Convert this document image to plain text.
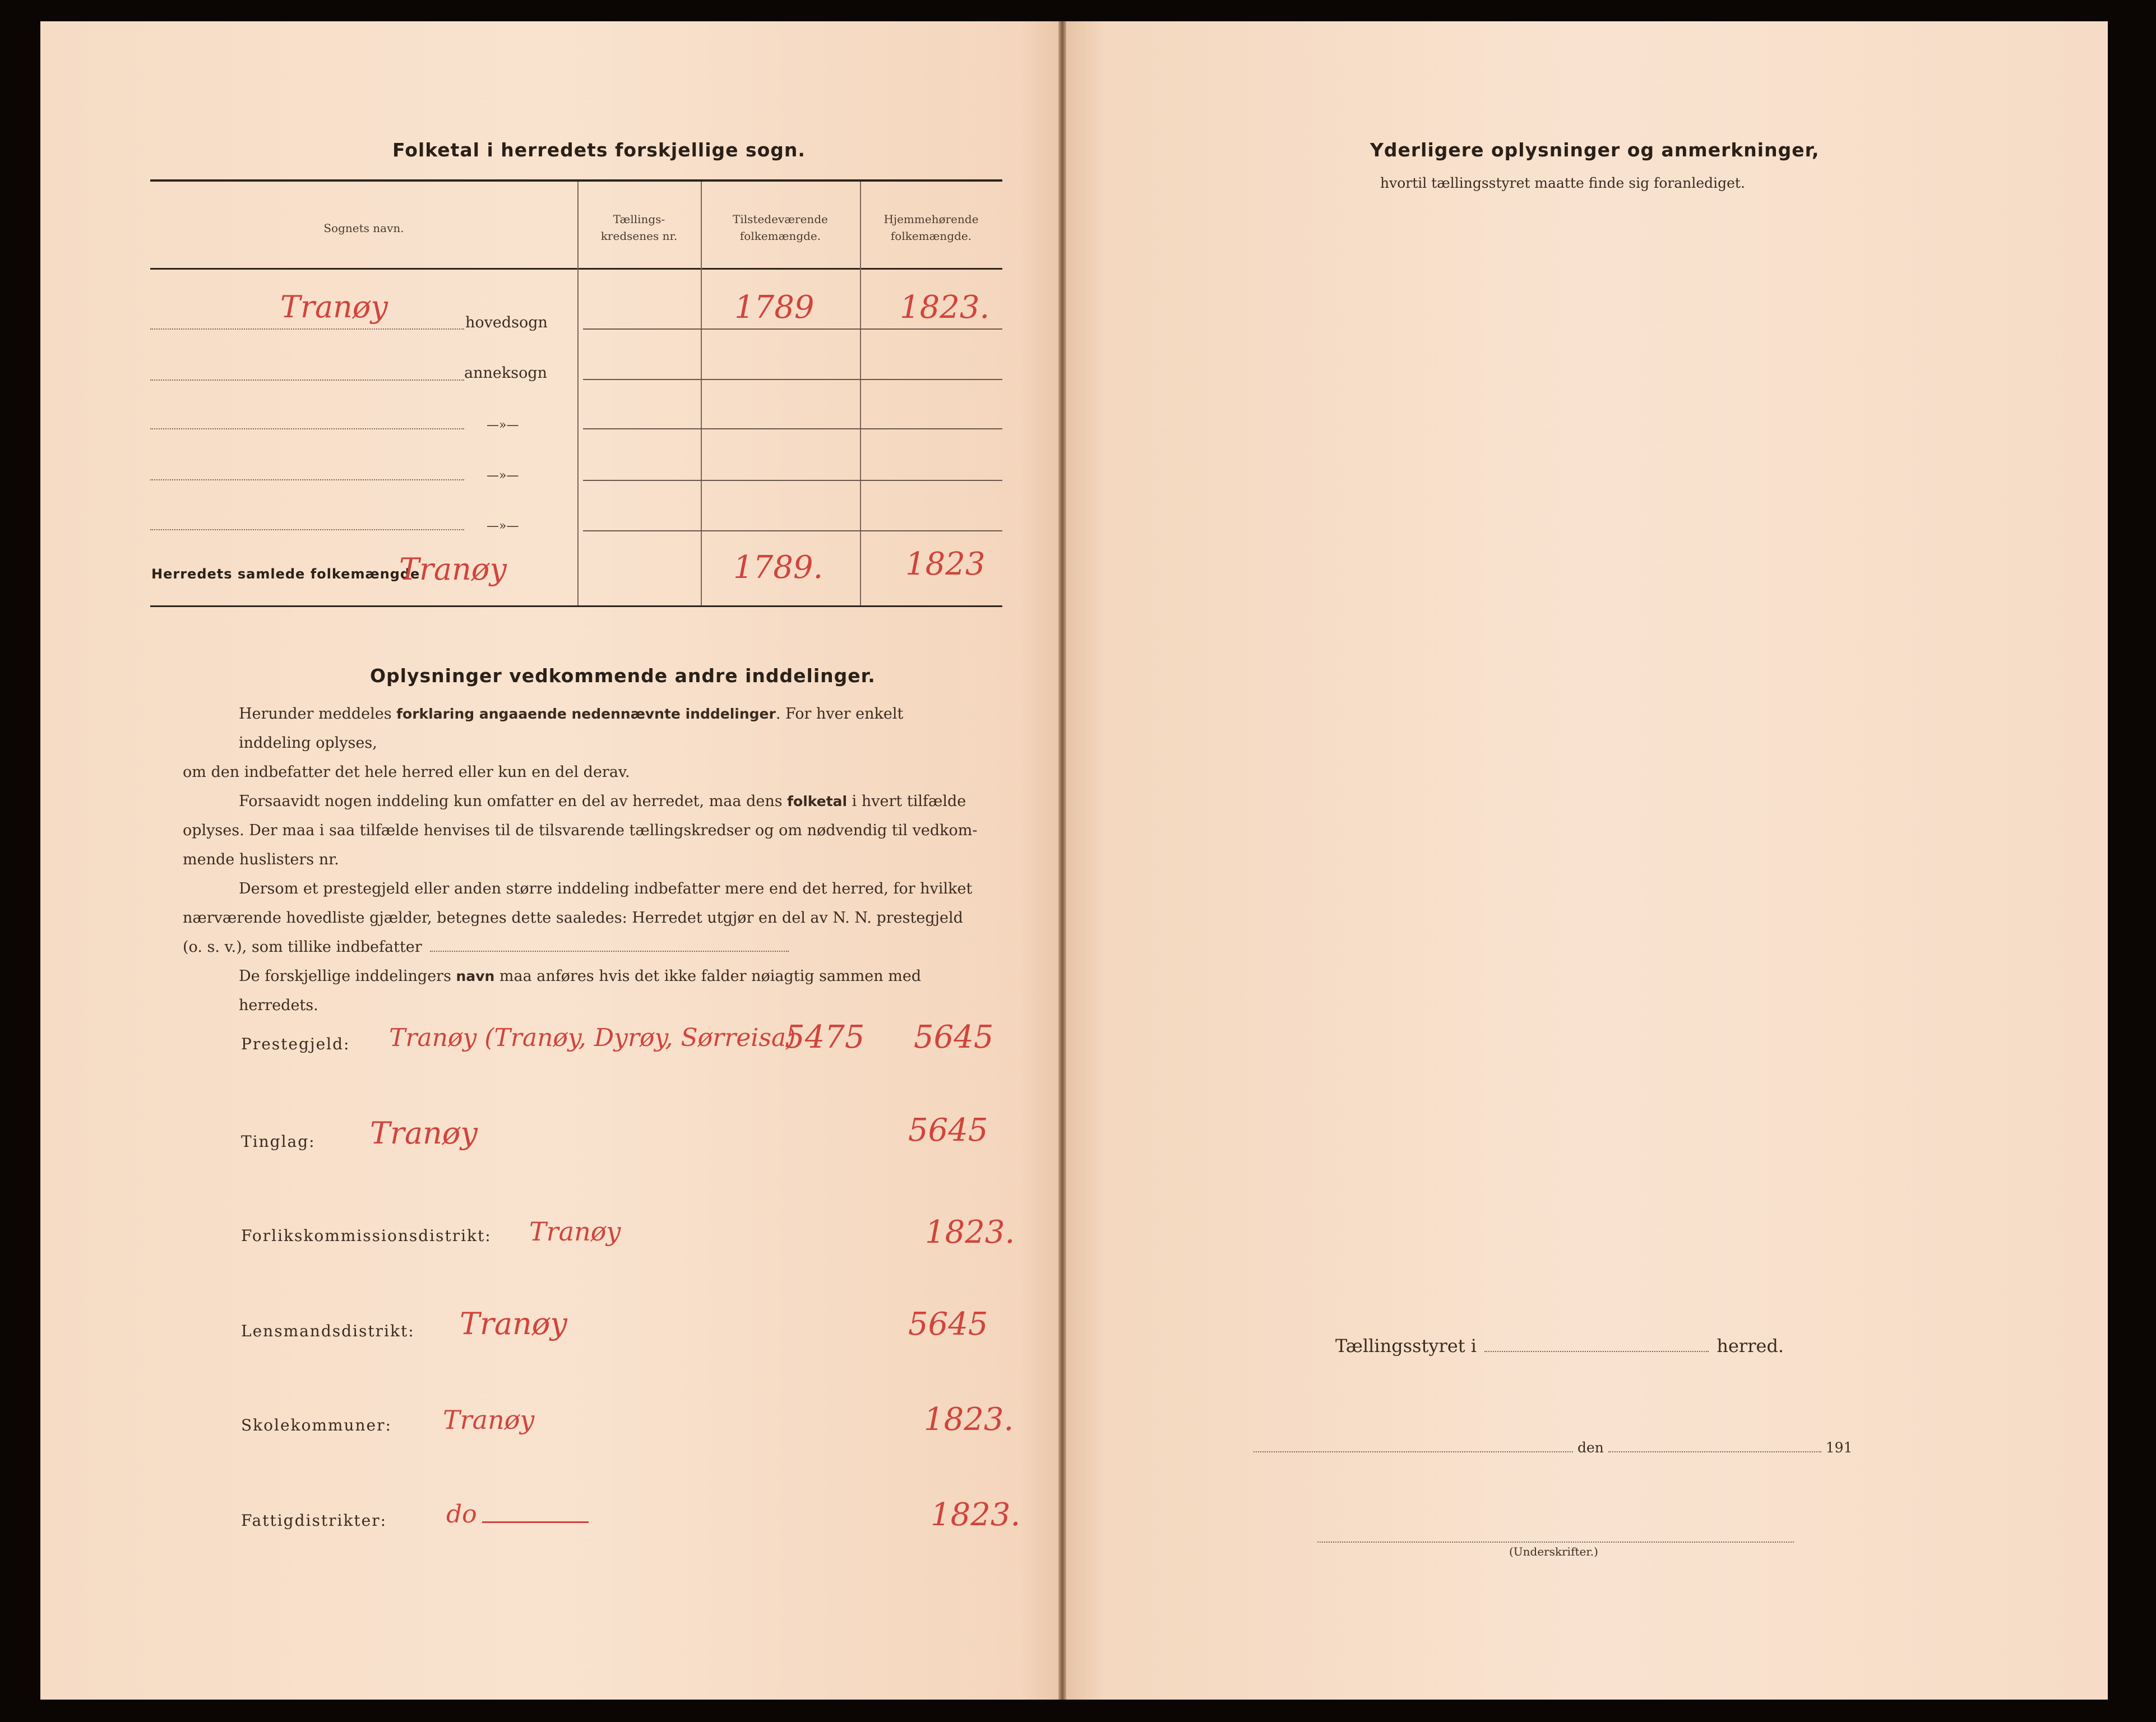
Folketal i herredets forskjellige sogn.
Sognets navn.
Tællings-
kredsenes nr.
Tilstedeværende
folkemængde.
Hjemmehørende
folkemængde.
Tranøy	hovedsogn	1789	1823.
anneksogn
—»—
—»—
—»—
Herredets samlede folkemængde
Tranøy	1789.	1823
Oplysninger vedkommende andre inddelinger.
Herunder meddeles forklaring angaaende nedennævnte inddelinger. For hver enkelt inddeling oplyses,
om den indbefatter det hele herred eller kun en del derav.
Forsaavidt nogen inddeling kun omfatter en del av herredet, maa dens folketal i hvert tilfælde
oplyses. Der maa i saa tilfælde henvises til de tilsvarende tællingskredser og om nødvendig til vedkom-
mende huslisters nr.
Dersom et prestegjeld eller anden større inddeling indbefatter mere end det herred, for hvilket
nærværende hovedliste gjælder, betegnes dette saaledes: Herredet utgjør en del av N. N. prestegjeld
(o. s. v.), som tillike indbefatter
De forskjellige inddelingers navn maa anføres hvis det ikke falder nøiagtig sammen med herredets.
Prestegjeld: Tranøy (Tranøy, Dyrøy, Sørreisa)
5475 5645
Tinglag: Tranøy	5645
Forlikskommissionsdistrikt: Tranøy	1823.
Lensmandsdistrikt: Tranøy	5645
Skolekommuner: Tranøy	1823.
Fattigdistrikter: do	1823.
Yderligere oplysninger og anmerkninger,
hvortil tællingsstyret maatte finde sig foranlediget.
Tællingsstyret i	herred.
den	191
(Underskrifter.)
